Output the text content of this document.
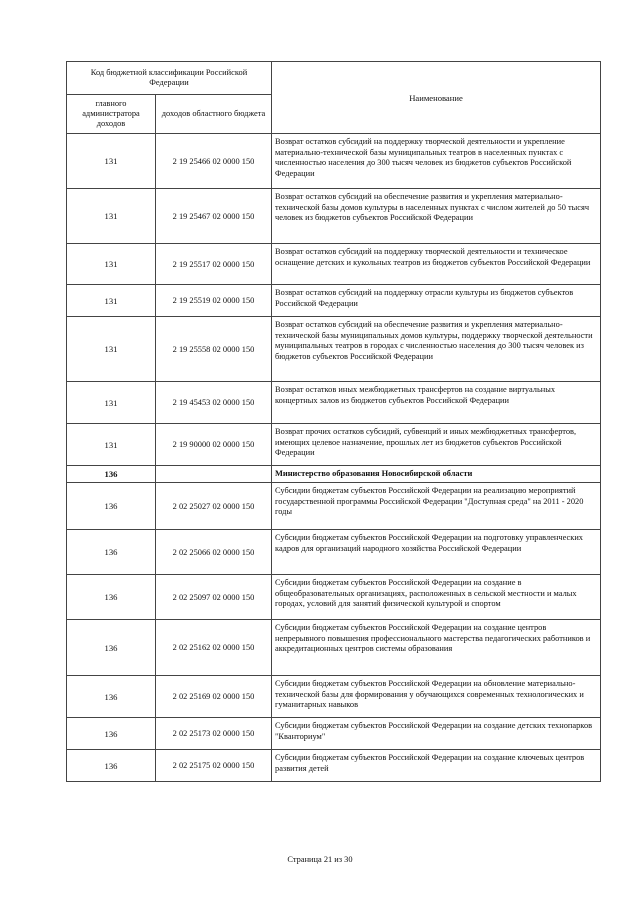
Код бюджетной классификации Российской Федерации		Наименование
главного администратора доходов	доходов областного бюджета	
131	2 19 25466 02 0000 150	Возврат остатков субсидий на поддержку творческой деятельности и укрепление материально-технической базы муниципальных театров в населенных пунктах с численностью населения до 300 тысяч человек из бюджетов субъектов Российской Федерации
131	2 19 25467 02 0000 150	Возврат остатков субсидий на обеспечение развития и укрепления материально-технической базы домов культуры в населенных пунктах с числом жителей до 50 тысяч человек из бюджетов субъектов Российской Федерации
131	2 19 25517 02 0000 150	Возврат остатков субсидий на поддержку творческой деятельности и техническое оснащение детских и кукольных театров из бюджетов субъектов Российской Федерации
131	2 19 25519 02 0000 150	Возврат остатков субсидий на поддержку отрасли культуры из бюджетов субъектов Российской Федерации
131	2 19 25558 02 0000 150	Возврат остатков субсидий на обеспечение развития и укрепления материально-технической базы муниципальных домов культуры, поддержку творческой деятельности муниципальных театров в городах с численностью населения до 300 тысяч человек из бюджетов субъектов Российской Федерации
131	2 19 45453 02 0000 150	Возврат остатков иных межбюджетных трансфертов на создание виртуальных концертных залов из бюджетов субъектов Российской Федерации
131	2 19 90000 02 0000 150	Возврат прочих остатков субсидий, субвенций и иных межбюджетных трансфертов, имеющих целевое назначение, прошлых лет из бюджетов субъектов Российской Федерации
136		Министерство образования Новосибирской области
136	2 02 25027 02 0000 150	Субсидии бюджетам субъектов Российской Федерации на реализацию мероприятий государственной программы Российской Федерации "Доступная среда" на 2011 - 2020 годы
136	2 02 25066 02 0000 150	Субсидии бюджетам субъектов Российской Федерации на подготовку управленческих кадров для организаций народного хозяйства Российской Федерации
136	2 02 25097 02 0000 150	Субсидии бюджетам субъектов Российской Федерации на создание в общеобразовательных организациях, расположенных в сельской местности и малых городах, условий для занятий физической культурой и спортом
136	2 02 25162 02 0000 150	Субсидии бюджетам субъектов Российской Федерации на создание центров непрерывного повышения профессионального мастерства педагогических работников и аккредитационных центров системы образования
136	2 02 25169 02 0000 150	Субсидии бюджетам субъектов Российской Федерации на обновление материально-технической базы для формирования у обучающихся современных технологических и гуманитарных навыков
136	2 02 25173 02 0000 150	Субсидии бюджетам субъектов Российской Федерации на создание детских технопарков "Кванториум"
136	2 02 25175 02 0000 150	Субсидии бюджетам субъектов Российской Федерации на создание ключевых центров развития детей
Страница 21 из 30
